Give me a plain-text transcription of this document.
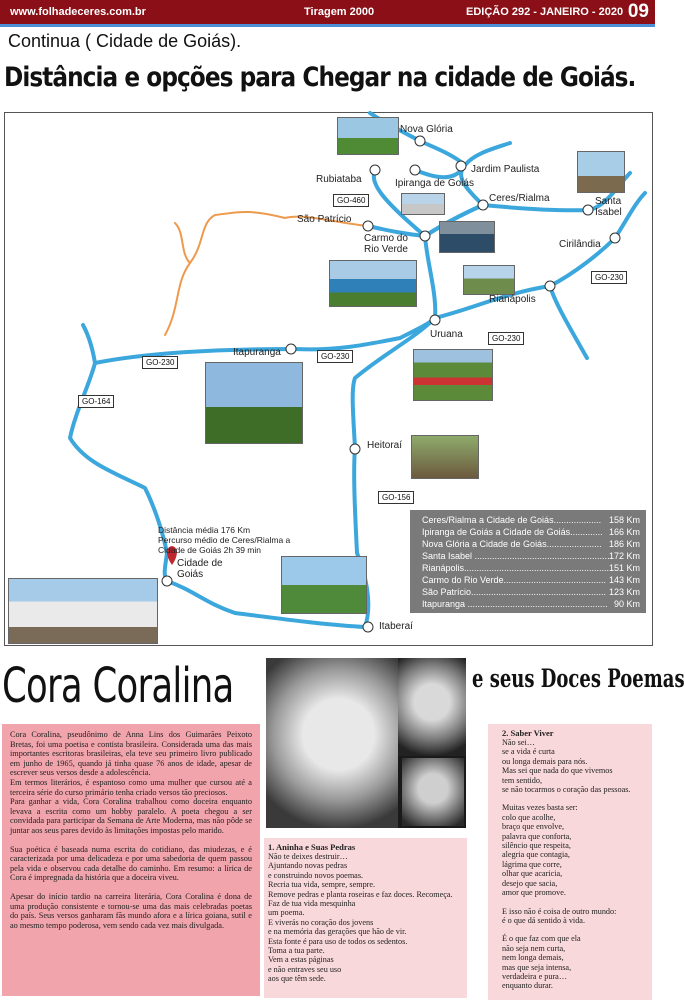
www.folhadeceres.com.br	Tiragem 2000	EDIÇÃO 292 - JANEIRO - 2020 09
Continua ( Cidade de Goiás).
Distância e opções para Chegar na cidade de Goiás.
Nova Glória
Jardim Paulista
Rubiataba	Ipiranga de Goiás
Ceres/Rialma	Santa
Isabel
São Patrício
Carmo do
Rio Verde	Cirilândia
Rianápolis
Uruana
Itapuranga
Heitoraí
Cidade de
Goiás
Itaberaí
GO-460
GO-230
GO-230
GO-230
GO-230
GO-164
GO-156
Distância média 176 Km
Percurso médio de Ceres/Rialma a
Cidade de Goiás 2h 39 min
Ceres/Rialma a Cidade de Goiás................... 158 Km
Ipiranga de Goiás a Cidade de Goiás............. 166 Km
Nova Glória a Cidade de Goiás...................... 186 Km
Santa Isabel ...................................................... 172 Km
Rianápolis.......................................................... 151 Km
Carmo do Rio Verde......................................... 143 Km
São Patrício...................................................... 123 Km
Itapuranga ........................................................ 90 Km
Cora Coralina	e seus Doces Poemas

Cora Coralina, pseudônimo de Anna Lins dos Guimarães Peixoto Bretas, foi uma poetisa e contista brasileira. Considerada uma das mais importantes escritoras brasileiras, ela teve seu primeiro livro publicado em junho de 1965, quando já tinha quase 76 anos de idade, apesar de escrever seus versos desde a adolescência.
Em termos literários, é espantoso como uma mulher que cursou até a terceira série do curso primário tenha criado versos tão preciosos.
Para ganhar a vida, Cora Coralina trabalhou como doceira enquanto levava a escrita como um hobby paralelo. A poeta chegou a ser convidada para participar da Semana de Arte Moderna, mas não pôde se juntar aos seus pares devido às limitações impostas pelo marido.

Sua poética é baseada numa escrita do cotidiano, das miudezas, e é caracterizada por uma delicadeza e por uma sabedoria de quem passou pela vida e observou cada detalhe do caminho. Em resumo: a lírica de Cora é impregnada da história que a doceira viveu.

Apesar do início tardio na carreira literária, Cora Coralina é dona de uma produção consistente e tornou-se uma das mais celebradas poetas do país. Seus versos ganharam fãs mundo afora e a lírica goiana, sutil e ao mesmo tempo poderosa, vem sendo cada vez mais divulgada.

1. Aninha e Suas Pedras
Não te deixes destruir…
Ajuntando novas pedras
e construindo novos poemas.
Recria tua vida, sempre, sempre.
Remove pedras e planta roseiras e faz doces. Recomeça.
Faz de tua vida mesquinha
um poema.
E viverás no coração dos jovens
e na memória das gerações que hão de vir.
Esta fonte é para uso de todos os sedentos.
Toma a tua parte.
Vem a estas páginas
e não entraves seu uso
aos que têm sede.
2. Saber Viver
Não sei…
se a vida é curta
ou longa demais para nós.
Mas sei que nada do que vivemos
tem sentido,
se não tocarmos o coração das pessoas.
Muitas vezes basta ser:
colo que acolhe,
braço que envolve,
palavra que conforta,
silêncio que respeita,
alegria que contagia,
lágrima que corre,
olhar que acaricia,
desejo que sacia,
amor que promove.
E isso não é coisa de outro mundo:
é o que dá sentido à vida.
É o que faz com que ela
não seja nem curta,
nem longa demais,
mas que seja intensa,
verdadeira e pura…
enquanto durar.
